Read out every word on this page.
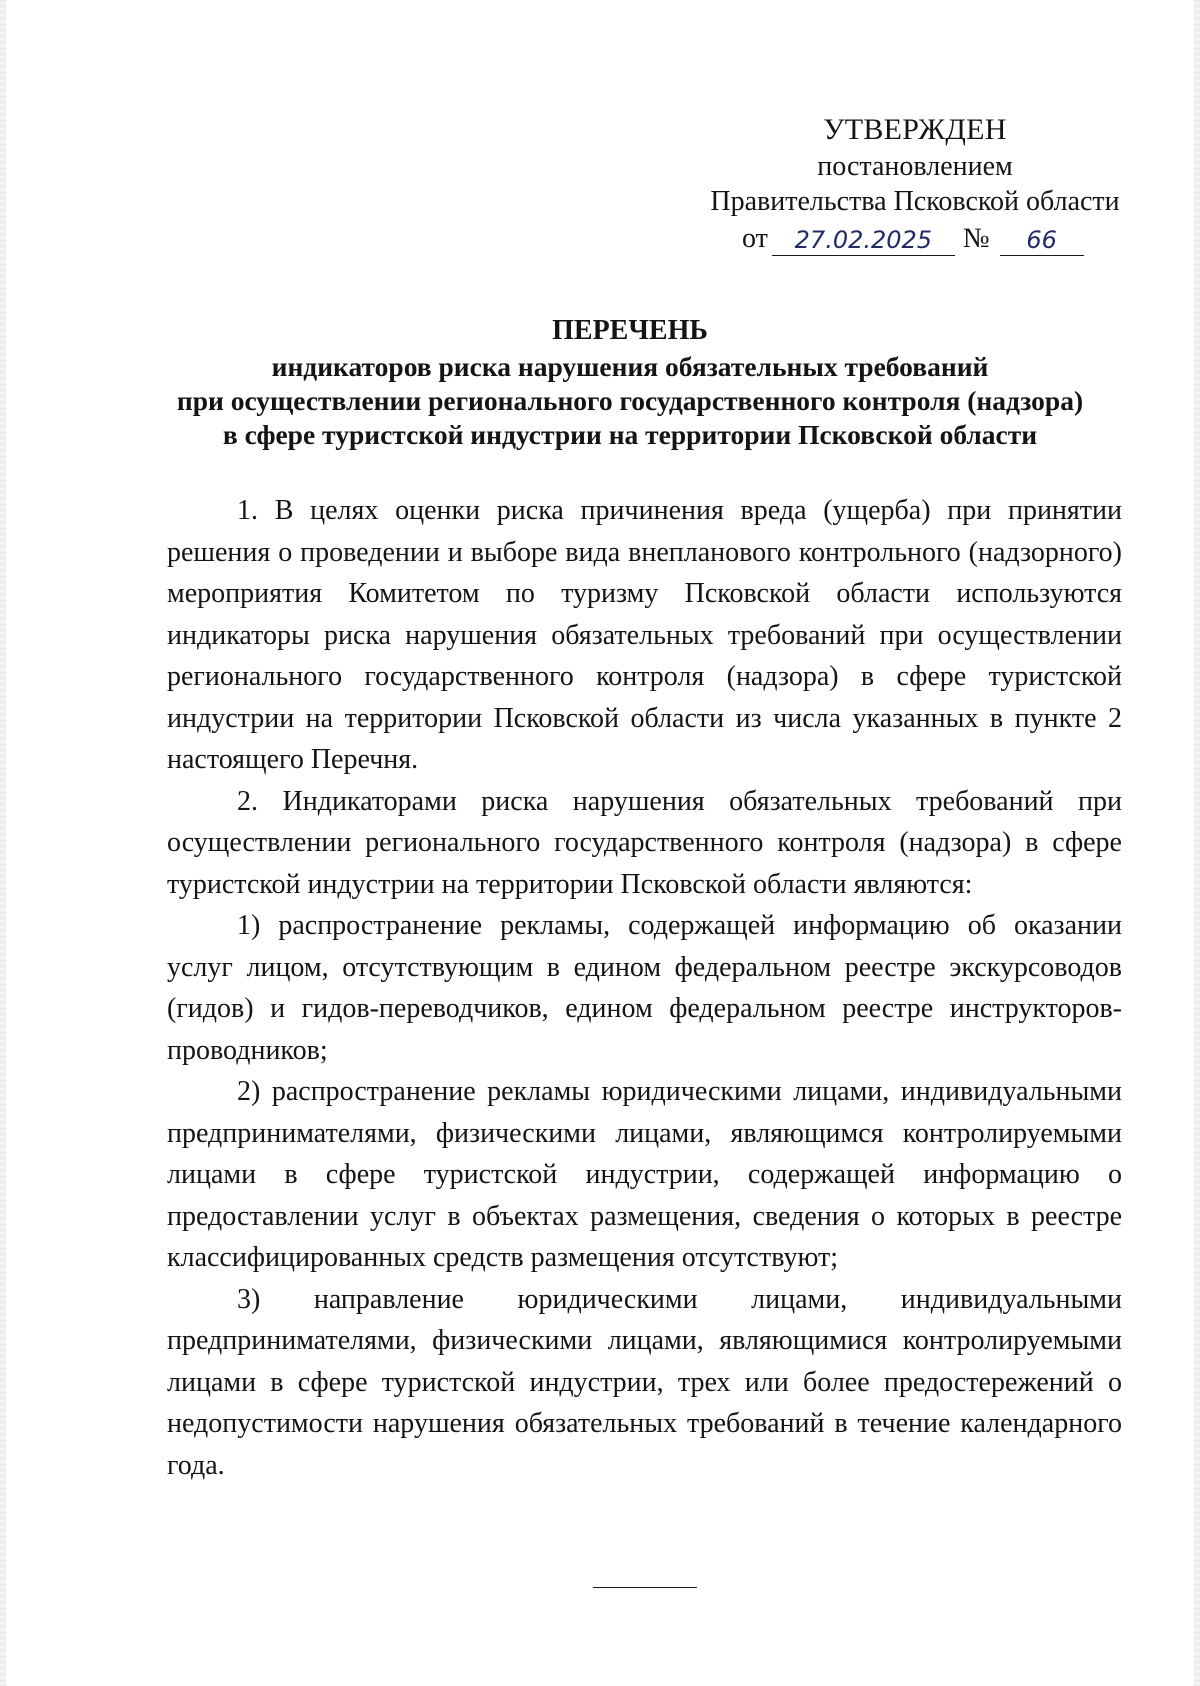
УТВЕРЖДЕН
постановлением
Правительства Псковской области
от 27.02.2025 № 66
ПЕРЕЧЕНЬ
индикаторов риска нарушения обязательных требований
при осуществлении регионального государственного контроля (надзора)
в сфере туристской индустрии на территории Псковской области

1. В целях оценки риска причинения вреда (ущерба) при принятии решения о проведении и выборе вида внепланового контрольного (надзорного) мероприятия Комитетом по туризму Псковской области используются индикаторы риска нарушения обязательных требований при осуществлении регионального государственного контроля (надзора) в сфере туристской индустрии на территории Псковской области из числа указанных в пункте 2 настоящего Перечня.

2. Индикаторами риска нарушения обязательных требований при осуществлении регионального государственного контроля (надзора) в сфере туристской индустрии на территории Псковской области являются:

1) распространение рекламы, содержащей информацию об оказании услуг лицом, отсутствующим в едином федеральном реестре экскурсоводов (гидов) и гидов-переводчиков, едином федеральном реестре инструкторов-проводников;

2) распространение рекламы юридическими лицами, индивидуальными предпринимателями, физическими лицами, являющимся контролируемыми лицами в сфере туристской индустрии, содержащей информацию о предоставлении услуг в объектах размещения, сведения о которых в реестре классифицированных средств размещения отсутствуют;

3) направление юридическими лицами, индивидуальными предпринимателями, физическими лицами, являющимися контролируемыми лицами в сфере туристской индустрии, трех или более предостережений о недопустимости нарушения обязательных требований в течение календарного года.
